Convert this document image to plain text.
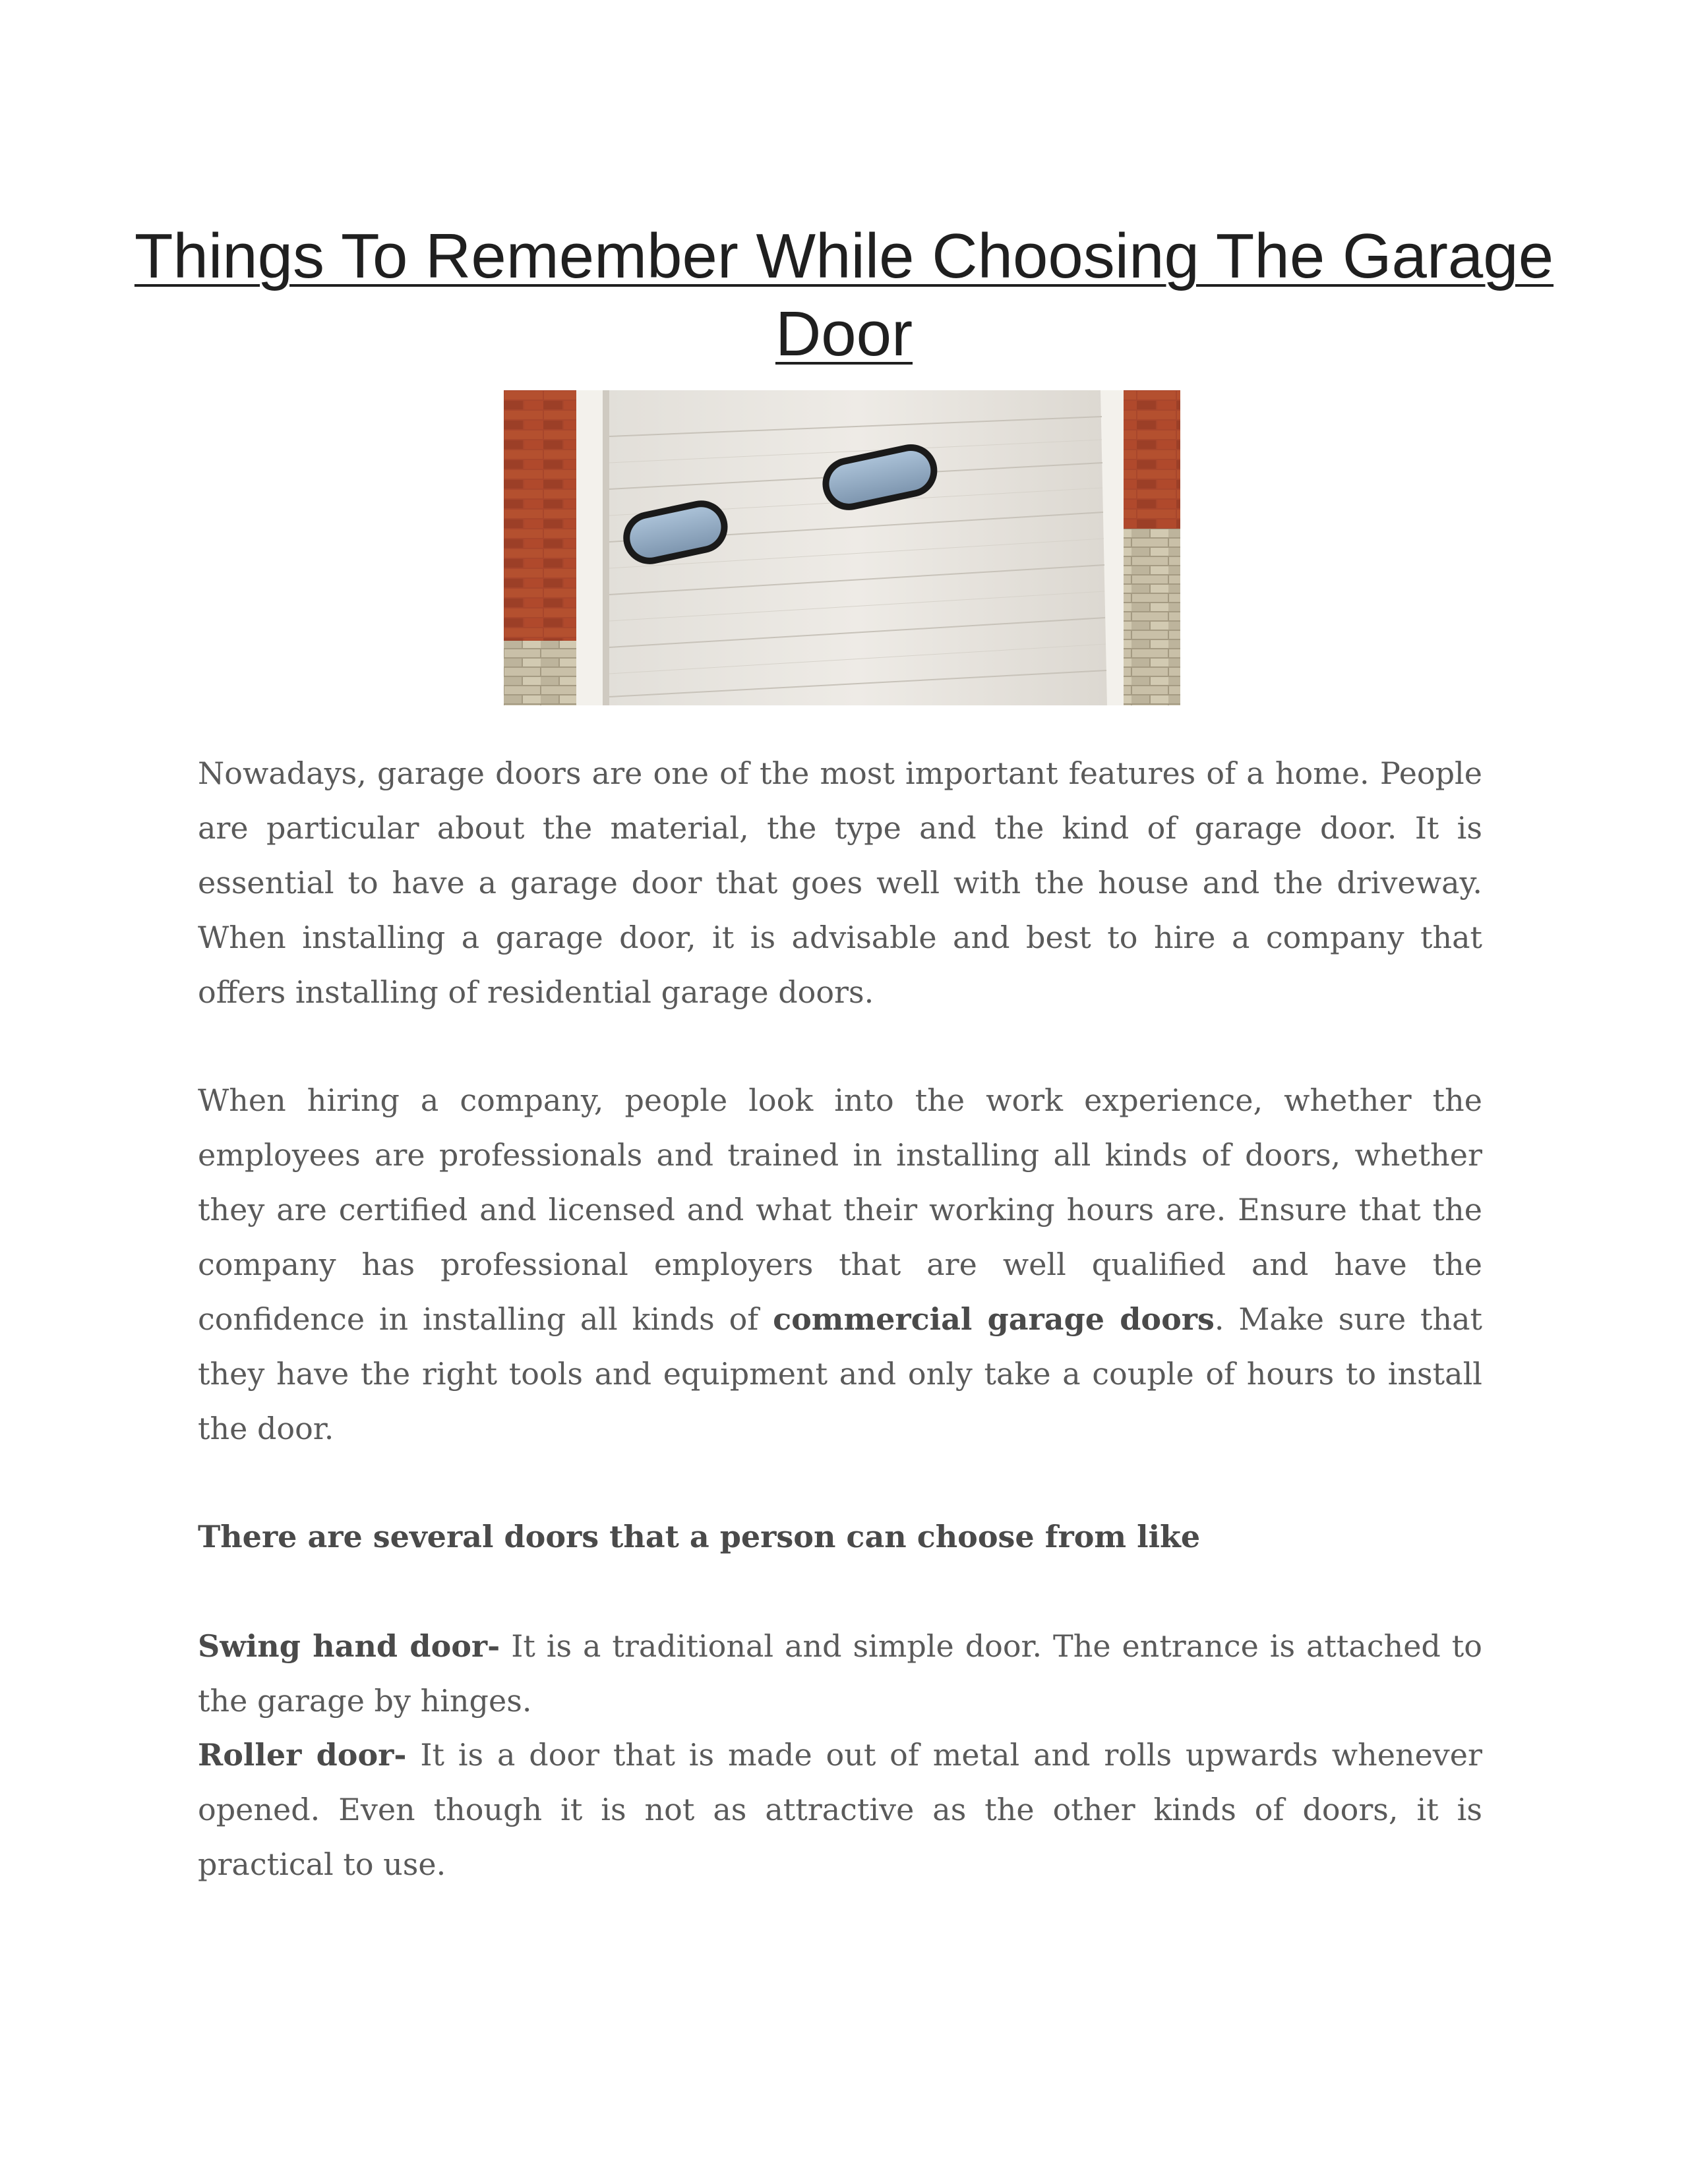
Things To Remember While Choosing The Garage Door

Nowadays, garage doors are one of the most important features of a home. People are particular about the material, the type and the kind of garage door. It is essential to have a garage door that goes well with the house and the driveway. When installing a garage door, it is advisable and best to hire a company that offers installing of residential garage doors.

When hiring a company, people look into the work experience, whether the employees are professionals and trained in installing all kinds of doors, whether they are certified and licensed and what their working hours are. Ensure that the company has professional employers that are well qualified and have the confidence in installing all kinds of commercial garage doors. Make sure that they have the right tools and equipment and only take a couple of hours to install the door.

There are several doors that a person can choose from like

Swing hand door- It is a traditional and simple door. The entrance is attached to the garage by hinges.

Roller door- It is a door that is made out of metal and rolls upwards whenever opened. Even though it is not as attractive as the other kinds of doors, it is practical to use.
